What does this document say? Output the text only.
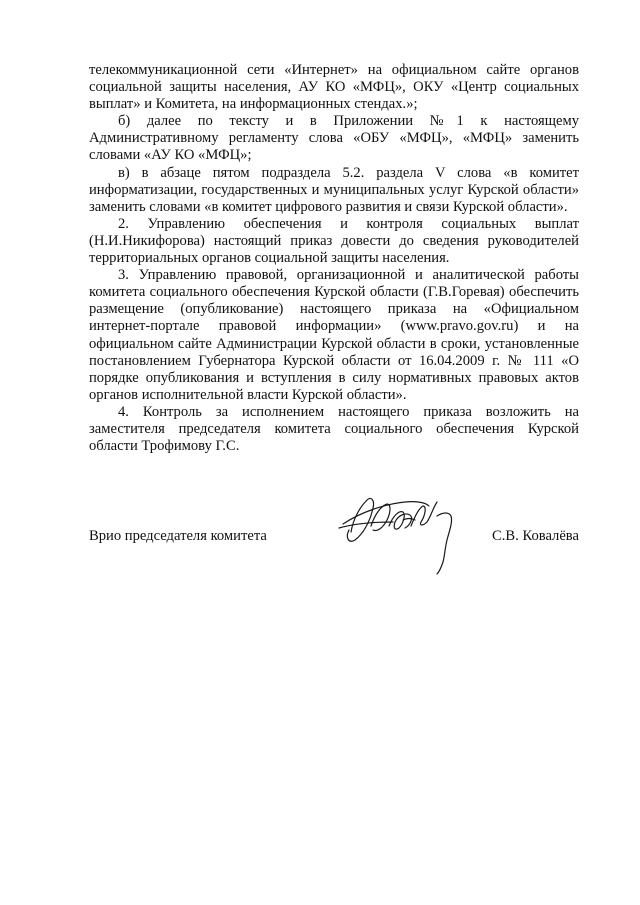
телекоммуникационной сети «Интернет» на официальном сайте органов социальной защиты населения, АУ КО «МФЦ», ОКУ «Центр социальных выплат» и Комитета, на информационных стендах.»;

б) далее по тексту и в Приложении №1 к настоящему Административному регламенту слова «ОБУ «МФЦ», «МФЦ» заменить словами «АУ КО «МФЦ»;

в) в абзаце пятом подраздела 5.2. раздела V слова «в комитет информатизации, государственных и муниципальных услуг Курской области» заменить словами «в комитет цифрового развития и связи Курской области».

2. Управлению обеспечения и контроля социальных выплат (Н.И.Никифорова) настоящий приказ довести до сведения руководителей территориальных органов социальной защиты населения.

3. Управлению правовой, организационной и аналитической работы комитета социального обеспечения Курской области (Г.В.Горевая) обеспечить размещение (опубликование) настоящего приказа на «Официальном интернет-портале правовой информации» (www.pravo.gov.ru) и на официальном сайте Администрации Курской области в сроки, установленные постановлением Губернатора Курской области от 16.04.2009 г. № 111 «О порядке опубликования и вступления в силу нормативных правовых актов органов исполнительной власти Курской области».

4. Контроль за исполнением настоящего приказа возложить на заместителя председателя комитета социального обеспечения Курской области Трофимову Г.С.

Врио председателя комитета	С.В. Ковалёва
